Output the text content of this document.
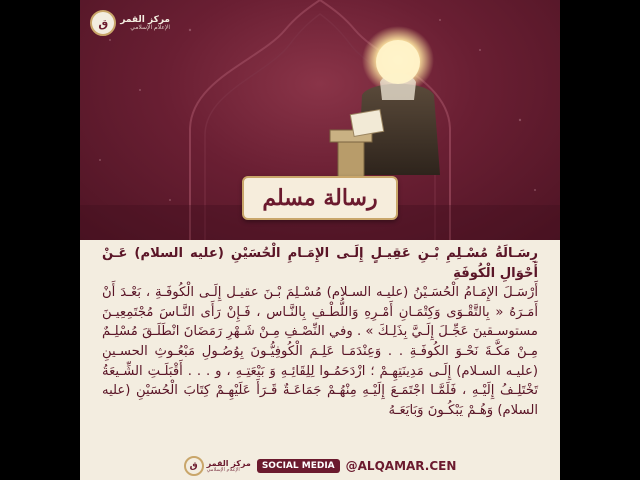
مركز القمر
الإعلام الإسلامي
ق
رسالة مسلم

رِسَـالَةُ مُسْـلِمِ بْـنِ عَقِيـلٍ إِلَـى الإِمَـامِ الْحُسَيْنِ (عليه السلام) عَـنْ أَحْوَالِ الْكُوفَةِ

أَرْسَـلَ الإِمَـامُ الْحُسَـيْنُ (عليـه السـلام) مُسْـلِمَ بْـنَ عقيـل إِلَـى الْكُوفَـةِ ، بَعْـدَ أَنْ أَمَـرَهُ « بِالتَّقْـوَى وَكِتْمَـانِ أَمْـرِهِ وَاللُّطْـفِ بِالنَّـاس ، فَـإِنْ رَأَى النَّـاسَ مُجْتَمِعِيـنَ مستوسـقينَ عَجِّـلَ إِلَـيَّ بِذَلِـكَ » . وفي النِّصْـفِ مِـنْ شَـهْرِ رَمَضَانَ انْطَلَـقَ مُسْلِـمٌ مِـنْ مَكَّـةَ نَحْـوَ الكُوفَـةِ . . وَعِنْدَمَـا عَلِـمَ الْكُوفِيُّـونَ بِوُصُـولِ مَبْعُـوثِ الحسـينِ (عليـه السـلام) إِلَـى مَدِينَتِهِـمْ ؛ ازْدَحَمُـوا لِلِقَائِـهِ وَ بَيْعَتِـهِ ، و . . . أَقْبَلَـتِ الشِّـيعَةُ تَخْتَلِـفُ إِلَيْـهِ ، فَلَمَّـا اجْتَمَـعَ إِلَيْـهِ مِنْهُـمْ جَمَاعَـةٌ قَـرَأَ عَلَيْهِـمْ كِتَابَ الْحُسَيْنِ (عليه السلام) وَهُـمْ يَبْكُـونَ وَبَايَعَـهُ

ق	مركز القمر
الإعلام الإسلامي	SOCIAL MEDIA @ALQAMAR.CEN
